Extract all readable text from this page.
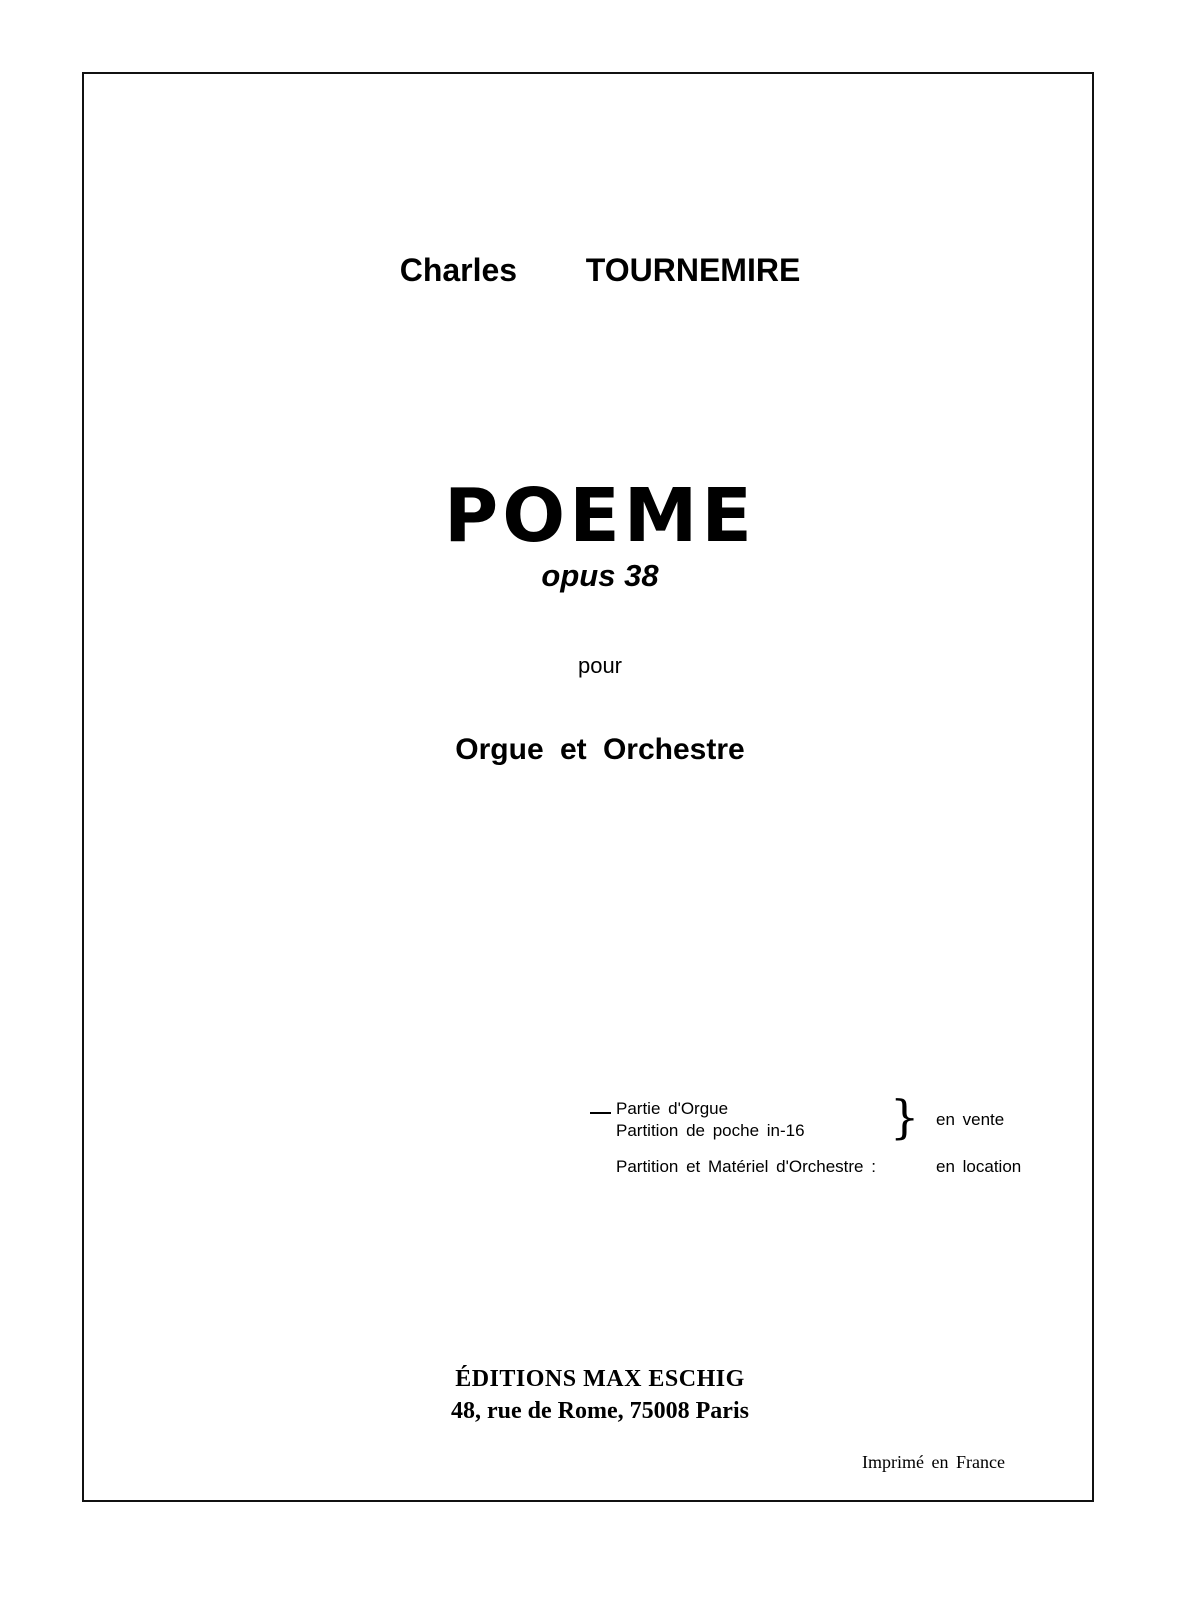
Charles   TOURNEMIRE
POEME
opus 38
pour
Orgue et Orchestre
Partie d'Orgue
Partition de poche in-16 } en vente
Partition et Matériel d'Orchestre :	en location
ÉDITIONS MAX ESCHIG
48, rue de Rome, 75008 Paris
Imprimé en France
